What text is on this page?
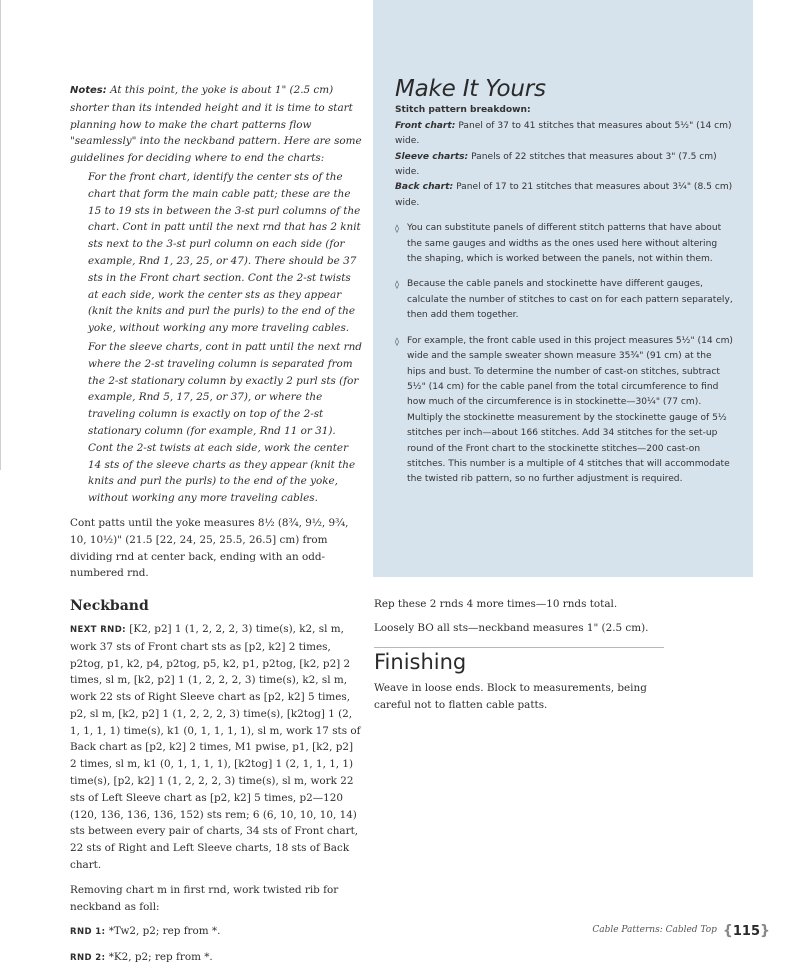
Notes: At this point, the yoke is about 1" (2.5 cm) shorter than its intended height and it is time to start planning how to make the chart patterns flow "seamlessly" into the neckband pattern. Here are some guidelines for deciding where to end the charts:

For the front chart, identify the center sts of the chart that form the main cable patt; these are the 15 to 19 sts in between the 3-st purl columns of the chart. Cont in patt until the next rnd that has 2 knit sts next to the 3-st purl column on each side (for example, Rnd 1, 23, 25, or 47). There should be 37 sts in the Front chart section. Cont the 2-st twists at each side, work the center sts as they appear (knit the knits and purl the purls) to the end of the yoke, without working any more traveling cables.

For the sleeve charts, cont in patt until the next rnd where the 2-st traveling column is separated from the 2-st stationary column by exactly 2 purl sts (for example, Rnd 5, 17, 25, or 37), or where the traveling column is exactly on top of the 2-st stationary column (for example, Rnd 11 or 31). Cont the 2-st twists at each side, work the center 14 sts of the sleeve charts as they appear (knit the knits and purl the purls) to the end of the yoke, without working any more traveling cables.

Cont patts until the yoke measures 8½ (8¾, 9½, 9¾, 10, 10½)" (21.5 [22, 24, 25, 25.5, 26.5] cm) from dividing rnd at center back, ending with an odd-numbered rnd.

Neckband

NEXT RND: [K2, p2] 1 (1, 2, 2, 2, 3) time(s), k2, sl m, work 37 sts of Front chart sts as [p2, k2] 2 times, p2tog, p1, k2, p4, p2tog, p5, k2, p1, p2tog, [k2, p2] 2 times, sl m, [k2, p2] 1 (1, 2, 2, 2, 3) time(s), k2, sl m, work 22 sts of Right Sleeve chart as [p2, k2] 5 times, p2, sl m, [k2, p2] 1 (1, 2, 2, 2, 3) time(s), [k2tog] 1 (2, 1, 1, 1, 1) time(s), k1 (0, 1, 1, 1, 1), sl m, work 17 sts of Back chart as [p2, k2] 2 times, M1 pwise, p1, [k2, p2] 2 times, sl m, k1 (0, 1, 1, 1, 1), [k2tog] 1 (2, 1, 1, 1, 1) time(s), [p2, k2] 1 (1, 2, 2, 2, 3) time(s), sl m, work 22 sts of Left Sleeve chart as [p2, k2] 5 times, p2—120 (120, 136, 136, 136, 152) sts rem; 6 (6, 10, 10, 10, 14) sts between every pair of charts, 34 sts of Front chart, 22 sts of Right and Left Sleeve charts, 18 sts of Back chart.

Removing chart m in first rnd, work twisted rib for neckband as foll:

RND 1: *Tw2, p2; rep from *.

RND 2: *K2, p2; rep from *.

Make It Yours

Stitch pattern breakdown:

Front chart: Panel of 37 to 41 stitches that measures about 5½" (14 cm) wide.

Sleeve charts: Panels of 22 stitches that measures about 3" (7.5 cm) wide.

Back chart: Panel of 17 to 21 stitches that measures about 3¼" (8.5 cm) wide.

◊ You can substitute panels of different stitch patterns that have about the same gauges and widths as the ones used here without altering the shaping, which is worked between the panels, not within them.

◊ Because the cable panels and stockinette have different gauges, calculate the number of stitches to cast on for each pattern separately, then add them together.

◊ For example, the front cable used in this project measures 5½" (14 cm) wide and the sample sweater shown measure 35¾" (91 cm) at the hips and bust. To determine the number of cast-on stitches, subtract 5½" (14 cm) for the cable panel from the total circumference to find how much of the circumference is in stockinette—30¼" (77 cm). Multiply the stockinette measurement by the stockinette gauge of 5½ stitches per inch—about 166 stitches. Add 34 stitches for the set-up round of the Front chart to the stockinette stitches—200 cast-on stitches. This number is a multiple of 4 stitches that will accommodate the twisted rib pattern, so no further adjustment is required.

Rep these 2 rnds 4 more times—10 rnds total.

Loosely BO all sts—neckband measures 1" (2.5 cm).

Finishing

Weave in loose ends. Block to measurements, being careful not to flatten cable patts.

Cable Patterns: Cabled Top {115}
